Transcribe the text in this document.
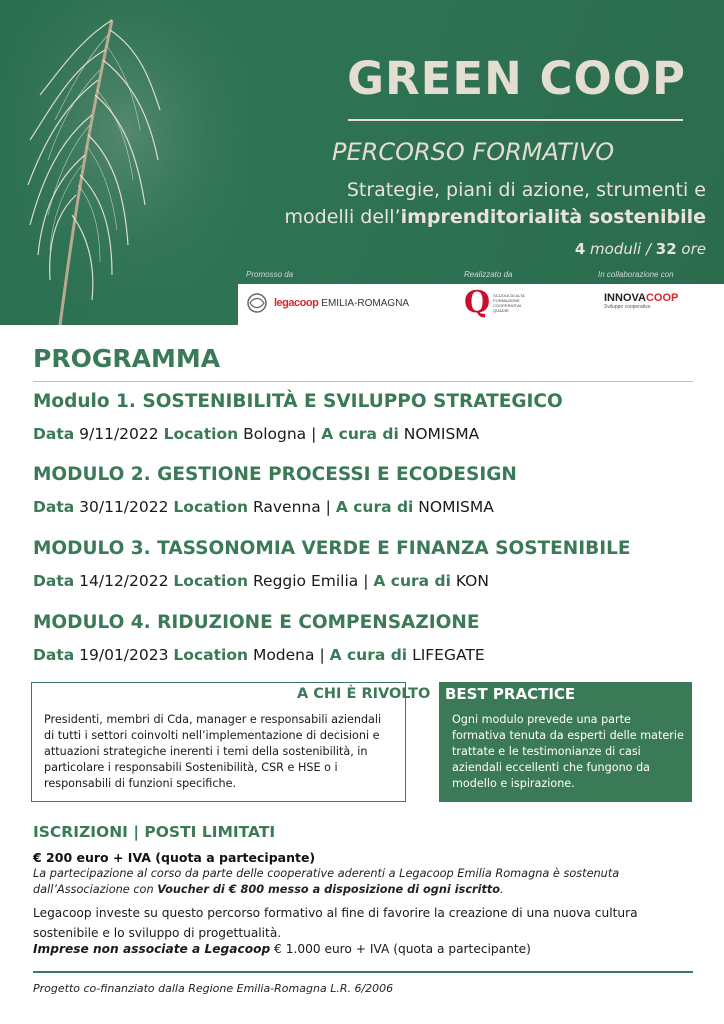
GREEN COOP
PERCORSO FORMATIVO
Strategie, piani di azione, strumenti e
modelli dell’imprenditorialità sostenibile
4 moduli / 32 ore
Promosso da	Realizzato da	In collaborazione con
legacoop EMILIA-ROMAGNA Q SCUOLA DI ALTA FORMAZIONE COOPERATIVA QUADIR
INNOVACOOP
Sviluppo cooperativo
PROGRAMMA
Modulo 1. SOSTENIBILITÀ E SVILUPPO STRATEGICO
Data 9/11/2022 Location Bologna | A cura di NOMISMA
MODULO 2. GESTIONE PROCESSI E ECODESIGN
Data 30/11/2022 Location Ravenna | A cura di NOMISMA
MODULO 3. TASSONOMIA VERDE E FINANZA SOSTENIBILE
Data 14/12/2022 Location Reggio Emilia | A cura di KON
MODULO 4. RIDUZIONE E COMPENSAZIONE
Data 19/01/2023 Location Modena | A cura di LIFEGATE
Presidenti, membri di Cda, manager e responsabili aziendali di tutti i settori coinvolti nell’implementazione di decisioni e attuazioni strategiche inerenti i temi della sostenibilità, in particolare i responsabili Sostenibilità, CSR e HSE o i responsabili di funzioni specifiche.
BEST PRACTICE
Ogni modulo prevede una parte formativa tenuta da esperti delle materie trattate e le testimonianze di casi aziendali eccellenti che fungono da modello e ispirazione.
A CHI È RIVOLTO
ISCRIZIONI | POSTI LIMITATI
€ 200 euro + IVA (quota a partecipante)
La partecipazione al corso da parte delle cooperative aderenti a Legacoop Emilia Romagna è sostenuta dall’Associazione con Voucher di € 800 messo a disposizione di ogni iscritto.
Legacoop investe su questo percorso formativo al fine di favorire la creazione di una nuova cultura sostenibile e lo sviluppo di progettualità.
Imprese non associate a Legacoop € 1.000 euro + IVA (quota a partecipante)
Progetto co-finanziato dalla Regione Emilia-Romagna L.R. 6/2006
